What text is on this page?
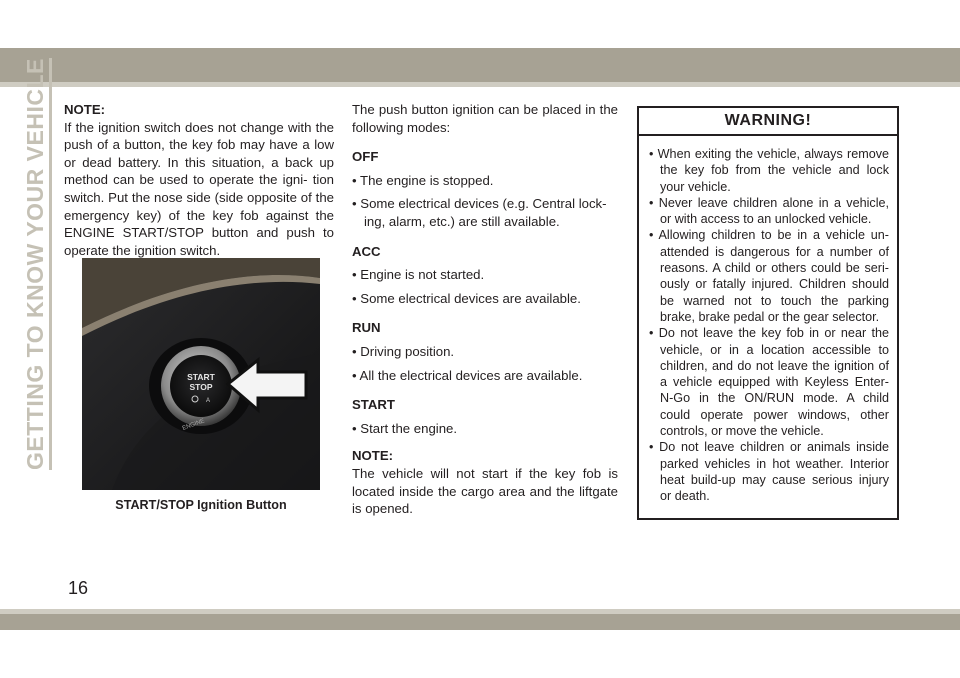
GETTING TO KNOW YOUR VEHICLE	NOTE:

If the ignition switch does not change with the push of a button, the key fob may have a low or dead battery. In this situation, a back up method can be used to operate the igni- tion switch. Put the nose side (side opposite of the emergency key) of the key fob against the ENGINE START/STOP button and push to operate the ignition switch.

START
STOP
A
ENGINE
START/STOP Ignition Button

The push button ignition can be placed in the following modes:

OFF

• The engine is stopped.

• Some electrical devices (e.g. Central lock- ing, alarm, etc.) are still available.

ACC

• Engine is not started.

• Some electrical devices are available.

RUN

• Driving position.

• All the electrical devices are available.

START

• Start the engine.

NOTE:

The vehicle will not start if the key fob is located inside the cargo area and the liftgate is opened.

WARNING!
• When exiting the vehicle, always remove the key fob from the vehicle and lock your vehicle.
• Never leave children alone in a vehicle, or with access to an unlocked vehicle.
• Allowing children to be in a vehicle un- attended is dangerous for a number of reasons. A child or others could be seri- ously or fatally injured. Children should be warned not to touch the parking brake, brake pedal or the gear selector.
• Do not leave the key fob in or near the vehicle, or in a location accessible to children, and do not leave the ignition of a vehicle equipped with Keyless Enter- N-Go in the ON/RUN mode. A child could operate power windows, other controls, or move the vehicle.
• Do not leave children or animals inside parked vehicles in hot weather. Interior heat build-up may cause serious injury or death.
16
